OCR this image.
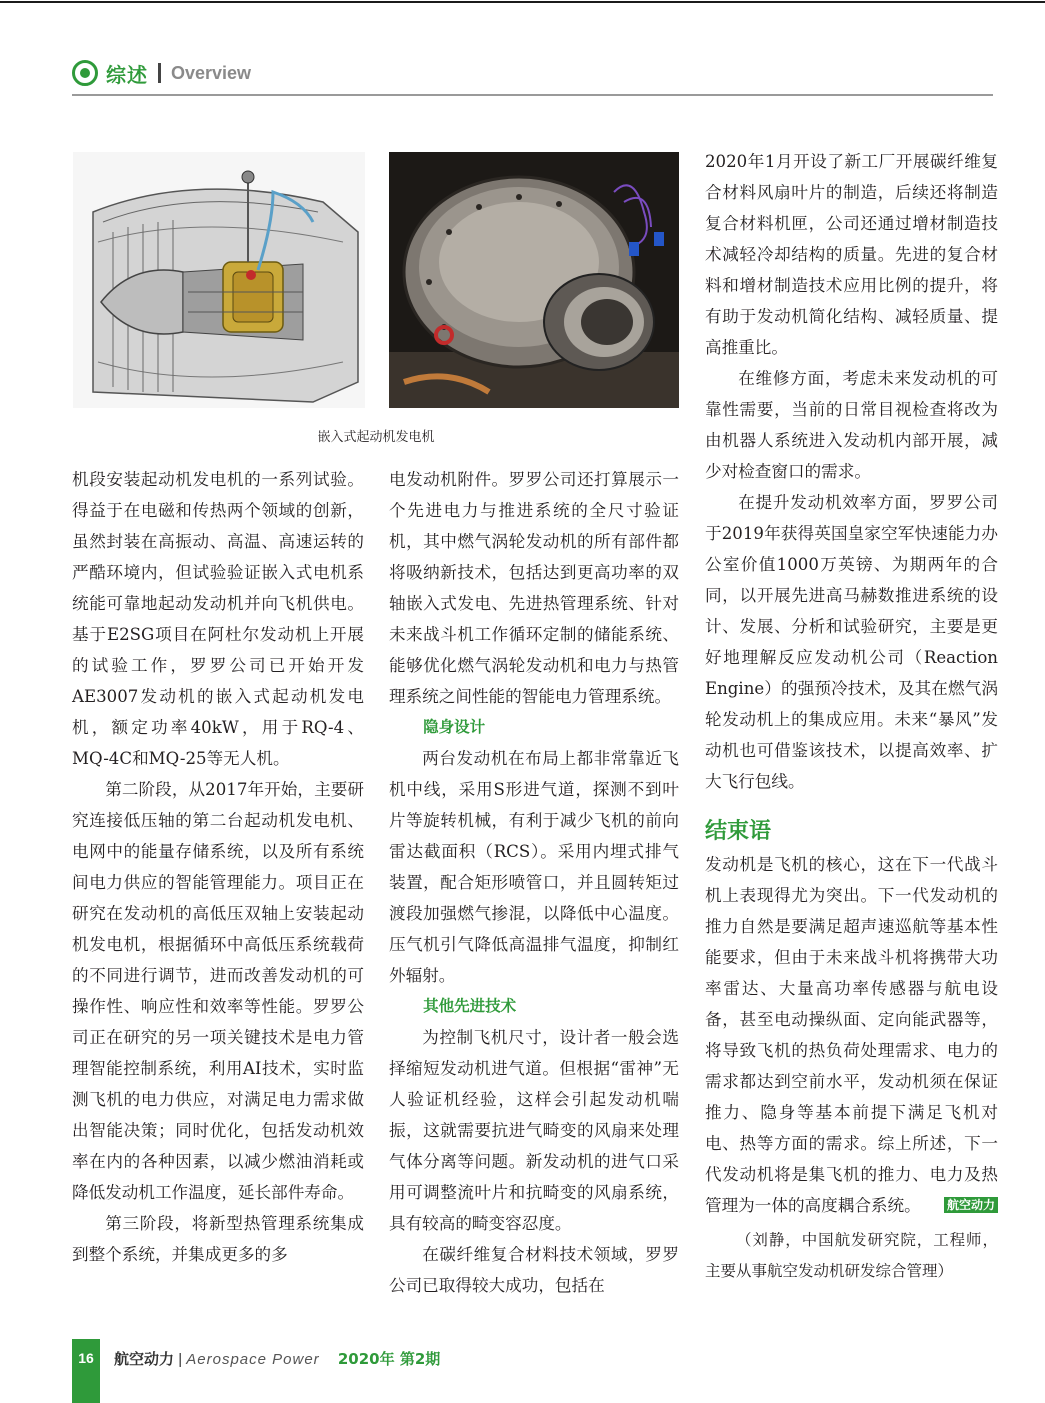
综述 Overview
嵌入式起动机发电机

机段安装起动机发电机的一系列试验。得益于在电磁和传热两个领域的创新，虽然封装在高振动、高温、高速运转的严酷环境内，但试验验证嵌入式电机系统能可靠地起动发动机并向飞机供电。基于E2SG项目在阿杜尔发动机上开展的试验工作，罗罗公司已开始开发AE3007发动机的嵌入式起动机发电机，额定功率40kW，用于RQ-4、MQ-4C和MQ-25等无人机。

第二阶段，从2017年开始，主要研究连接低压轴的第二台起动机发电机、电网中的能量存储系统，以及所有系统间电力供应的智能管理能力。项目正在研究在发动机的高低压双轴上安装起动机发电机，根据循环中高低压系统载荷的不同进行调节，进而改善发动机的可操作性、响应性和效率等性能。罗罗公司正在研究的另一项关键技术是电力管理智能控制系统，利用AI技术，实时监测飞机的电力供应，对满足电力需求做出智能决策；同时优化，包括发动机效率在内的各种因素，以减少燃油消耗或降低发动机工作温度，延长部件寿命。

第三阶段，将新型热管理系统集成到整个系统，并集成更多的多

电发动机附件。罗罗公司还打算展示一个先进电力与推进系统的全尺寸验证机，其中燃气涡轮发动机的所有部件都将吸纳新技术，包括达到更高功率的双轴嵌入式发电、先进热管理系统、针对未来战斗机工作循环定制的储能系统、能够优化燃气涡轮发动机和电力与热管理系统之间性能的智能电力管理系统。

隐身设计

两台发动机在布局上都非常靠近飞机中线，采用S形进气道，探测不到叶片等旋转机械，有利于减少飞机的前向雷达截面积（RCS）。采用内埋式排气装置，配合矩形喷管口，并且圆转矩过渡段加强燃气掺混，以降低中心温度。压气机引气降低高温排气温度，抑制红外辐射。

其他先进技术

为控制飞机尺寸，设计者一般会选择缩短发动机进气道。但根据“雷神”无人验证机经验，这样会引起发动机喘振，这就需要抗进气畸变的风扇来处理气体分离等问题。新发动机的进气口采用可调整流叶片和抗畸变的风扇系统，具有较高的畸变容忍度。

在碳纤维复合材料技术领域，罗罗公司已取得较大成功，包括在

2020年1月开设了新工厂开展碳纤维复合材料风扇叶片的制造，后续还将制造复合材料机匣，公司还通过增材制造技术减轻冷却结构的质量。先进的复合材料和增材制造技术应用比例的提升，将有助于发动机简化结构、减轻质量、提高推重比。

在维修方面，考虑未来发动机的可靠性需要，当前的日常目视检查将改为由机器人系统进入发动机内部开展，减少对检查窗口的需求。

在提升发动机效率方面，罗罗公司于2019年获得英国皇家空军快速能力办公室价值1000万英镑、为期两年的合同，以开展先进高马赫数推进系统的设计、发展、分析和试验研究，主要是更好地理解反应发动机公司（Reaction Engine）的强预冷技术，及其在燃气涡轮发动机上的集成应用。未来“暴风”发动机也可借鉴该技术，以提高效率、扩大飞行包线。

结束语

发动机是飞机的核心，这在下一代战斗机上表现得尤为突出。下一代发动机的推力自然是要满足超声速巡航等基本性能要求，但由于未来战斗机将携带大功率雷达、大量高功率传感器与航电设备，甚至电动操纵面、定向能武器等，将导致飞机的热负荷处理需求、电力的需求都达到空前水平，发动机须在保证推力、隐身等基本前提下满足飞机对电、热等方面的需求。综上所述，下一代发动机将是集飞机的推力、电力及热管理为一体的高度耦合系统。 航空动力

（刘静，中国航发研究院，工程师，主要从事航空发动机研发综合管理）

16	航空动力 | Aerospace Power 2020年 第2期
